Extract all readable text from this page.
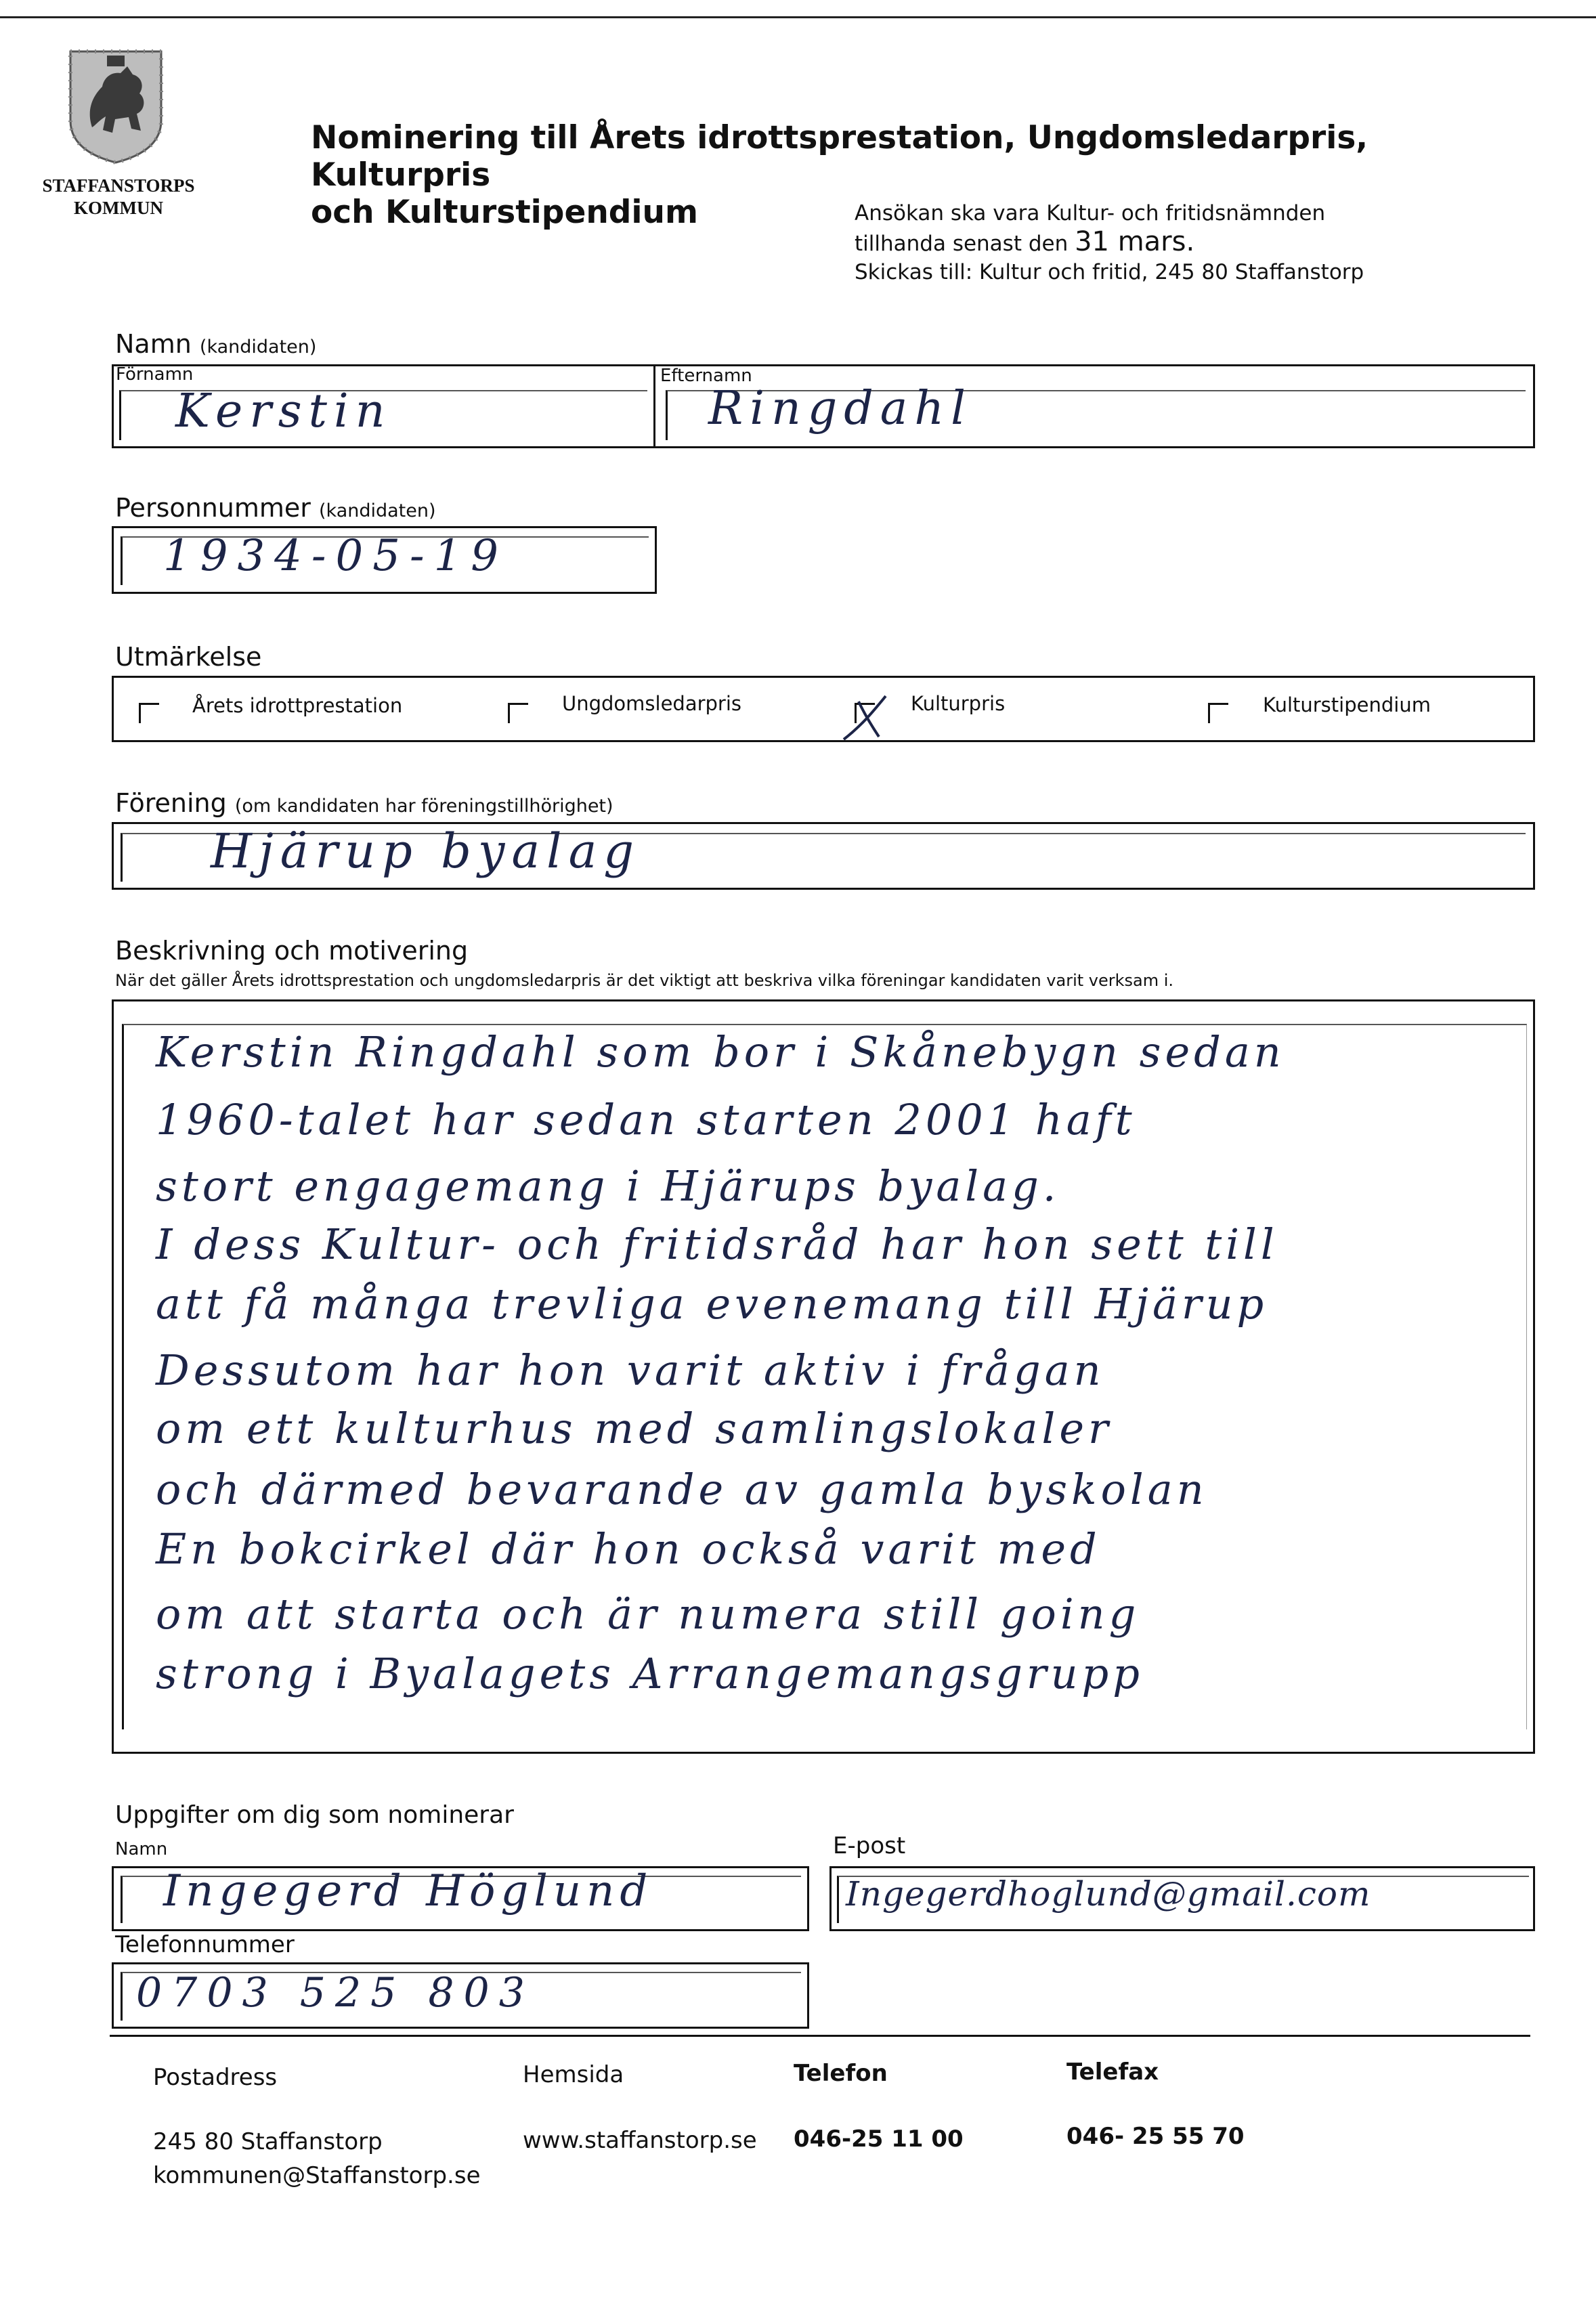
STAFFANSTORPS
KOMMUN
Nominering till Årets idrottsprestation, Ungdomsledarpris, Kulturpris
och Kulturstipendium	Ansökan ska vara Kultur- och fritidsnämnden
tillhanda senast den 31 mars.
Skickas till: Kultur och fritid, 245 80 Staffanstorp
Namn (kandidaten)
Förnamn	Efternamn
Kerstin	Ringdahl
Personnummer (kandidaten)
1934-05-19
Utmärkelse
Årets idrottprestation	Ungdomsledarpris	Kulturpris	Kulturstipendium
Förening (om kandidaten har föreningstillhörighet)
Hjärup byalag
Beskrivning och motivering
När det gäller Årets idrottsprestation och ungdomsledarpris är det viktigt att beskriva vilka föreningar kandidaten varit verksam i.
Kerstin Ringdahl som bor i Skånebygn sedan
1960-talet har sedan starten 2001 haft
stort engagemang i Hjärups byalag.
I dess Kultur- och fritidsråd har hon sett till
att få många trevliga evenemang till Hjärup
Dessutom har hon varit aktiv i frågan
om ett kulturhus med samlingslokaler
och därmed bevarande av gamla byskolan
En bokcirkel där hon också varit med
om att starta och är numera still going
strong i Byalagets Arrangemangsgrupp
Uppgifter om dig som nominerar
Namn	E-post
Ingegerd Höglund	Ingegerdhoglund@gmail.com
Telefonnummer
0703 525 803
Postadress
245 80 Staffanstorp
kommunen@Staffanstorp.se
Hemsida
www.staffanstorp.se
Telefon
046-25 11 00
Telefax
046- 25 55 70
